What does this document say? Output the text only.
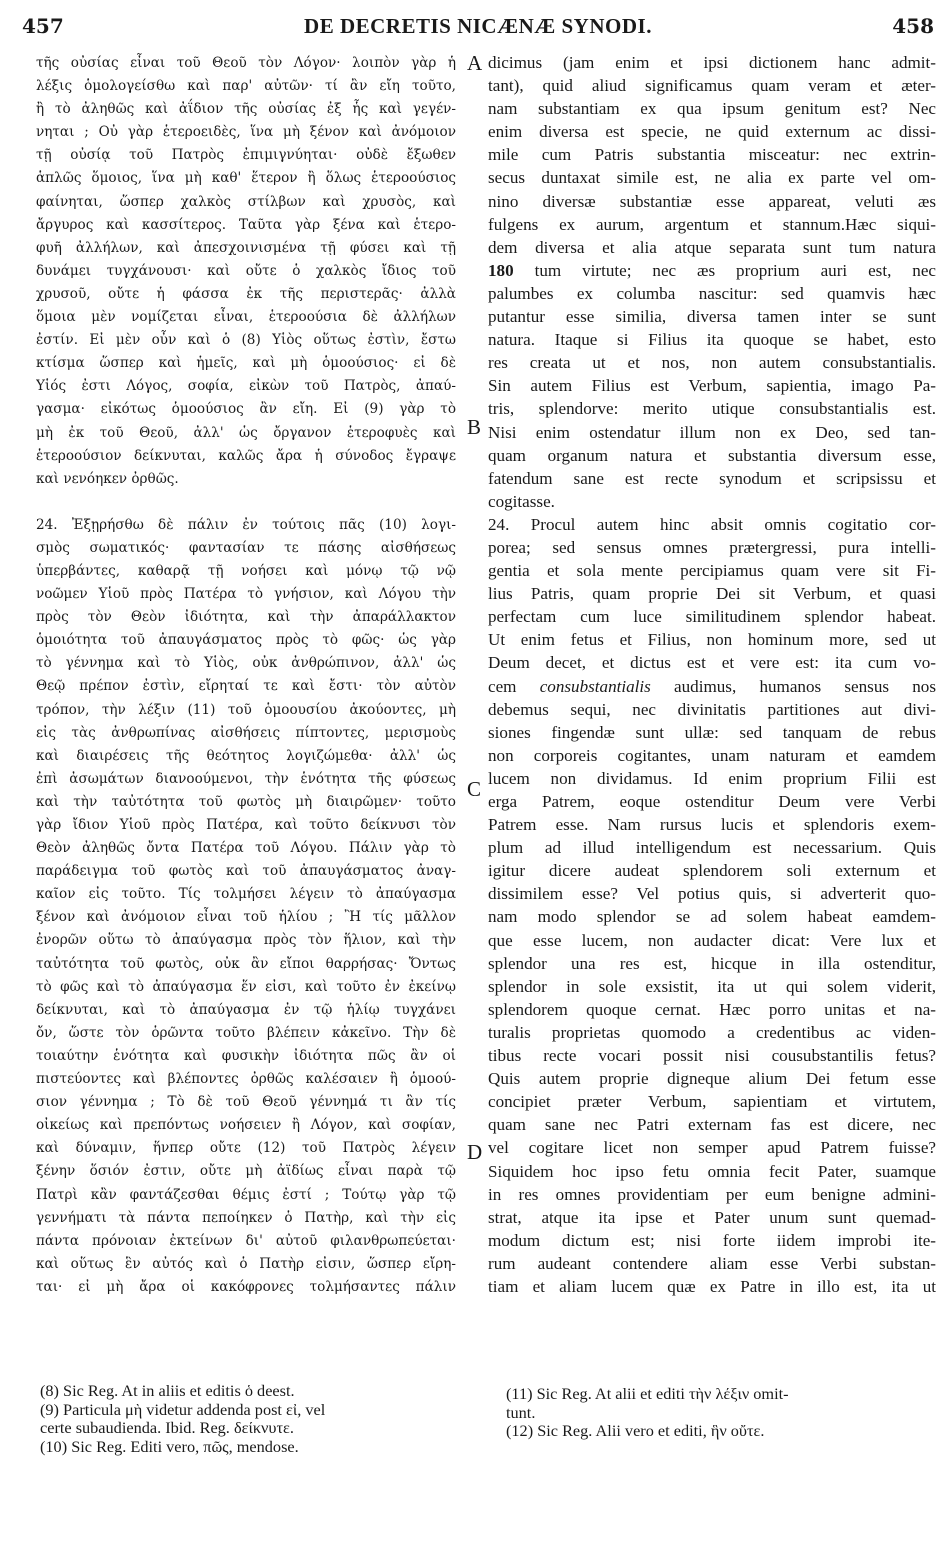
457	DE DECRETIS NICÆNÆ SYNODI.	458
A
B
C
D
τῆς οὐσίας εἶναι τοῦ Θεοῦ τὸν Λόγον· λοιπὸν γὰρ ἡ
λέξις ὁμολογείσθω καὶ παρ' αὐτῶν· τί ἂν εἴη τοῦτο,
ἢ τὸ ἀληθῶς καὶ ἀΐδιον τῆς οὐσίας ἐξ ἧς καὶ γεγέν-
νηται ; Οὐ γὰρ ἑτεροειδὲς, ἵνα μὴ ξένον καὶ ἀνόμοιον
τῇ οὐσίᾳ τοῦ Πατρὸς ἐπιμιγνύηται· οὐδὲ ἔξωθεν
ἁπλῶς ὅμοιος, ἵνα μὴ καθ' ἕτερον ἢ ὅλως ἑτεροούσιος
φαίνηται, ὥσπερ χαλκὸς στίλβων καὶ χρυσὸς, καὶ
ἄργυρος καὶ κασσίτερος. Ταῦτα γὰρ ξένα καὶ ἑτερο-
φυῆ ἀλλήλων, καὶ ἀπεσχοινισμένα τῇ φύσει καὶ τῇ
δυνάμει τυγχάνουσι· καὶ οὔτε ὁ χαλκὸς ἴδιος τοῦ
χρυσοῦ, οὔτε ἡ φάσσα ἐκ τῆς περιστερᾶς· ἀλλὰ
ὅμοια μὲν νομίζεται εἶναι, ἑτεροούσια δὲ ἀλλήλων
ἐστίν. Εἰ μὲν οὖν καὶ ὁ (8) Υἱὸς οὕτως ἐστὶν, ἔστω
κτίσμα ὥσπερ καὶ ἡμεῖς, καὶ μὴ ὁμοούσιος· εἰ δὲ
Υἱός ἐστι Λόγος, σοφία, εἰκὼν τοῦ Πατρὸς, ἀπαύ-
γασμα· εἰκότως ὁμοούσιος ἂν εἴη. Εἰ (9) γὰρ τὸ
μὴ ἐκ τοῦ Θεοῦ, ἀλλ' ὡς ὄργανον ἑτεροφυὲς καὶ
ἑτεροούσιον δείκνυται, καλῶς ἄρα ἡ σύνοδος ἔγραψε
καὶ νενόηκεν ὀρθῶς.
24. Ἐξῃρήσθω δὲ πάλιν ἐν τούτοις πᾶς (10) λογι-
σμὸς σωματικός· φαντασίαν τε πάσης αἰσθήσεως
ὑπερβάντες, καθαρᾷ τῇ νοήσει καὶ μόνῳ τῷ νῷ
νοῶμεν Υἱοῦ πρὸς Πατέρα τὸ γνήσιον, καὶ Λόγου τὴν
πρὸς τὸν Θεὸν ἰδιότητα, καὶ τὴν ἀπαράλλακτον
ὁμοιότητα τοῦ ἀπαυγάσματος πρὸς τὸ φῶς· ὡς γὰρ
τὸ γέννημα καὶ τὸ Υἱὸς, οὐκ ἀνθρώπινον, ἀλλ' ὡς
Θεῷ πρέπον ἐστὶν, εἴρηταί τε καὶ ἔστι· τὸν αὐτὸν
τρόπον, τὴν λέξιν (11) τοῦ ὁμοουσίου ἀκούοντες, μὴ
εἰς τὰς ἀνθρωπίνας αἰσθήσεις πίπτοντες, μερισμοὺς
καὶ διαιρέσεις τῆς θεότητος λογιζώμεθα· ἀλλ' ὡς
ἐπὶ ἀσωμάτων διανοούμενοι, τὴν ἑνότητα τῆς φύσεως
καὶ τὴν ταὐτότητα τοῦ φωτὸς μὴ διαιρῶμεν· τοῦτο
γὰρ ἴδιον Υἱοῦ πρὸς Πατέρα, καὶ τοῦτο δείκνυσι τὸν
Θεὸν ἀληθῶς ὄντα Πατέρα τοῦ Λόγου. Πάλιν γὰρ τὸ
παράδειγμα τοῦ φωτὸς καὶ τοῦ ἀπαυγάσματος ἀναγ-
καῖον εἰς τοῦτο. Τίς τολμήσει λέγειν τὸ ἀπαύγασμα
ξένον καὶ ἀνόμοιον εἶναι τοῦ ἡλίου ; Ἢ τίς μᾶλλον
ἐνορῶν οὕτω τὸ ἀπαύγασμα πρὸς τὸν ἥλιον, καὶ τὴν
ταὐτότητα τοῦ φωτὸς, οὐκ ἂν εἴποι θαρρήσας· Ὄντως
τὸ φῶς καὶ τὸ ἀπαύγασμα ἕν εἰσι, καὶ τοῦτο ἐν ἐκείνῳ
δείκνυται, καὶ τὸ ἀπαύγασμα ἐν τῷ ἡλίῳ τυγχάνει
ὄν, ὥστε τὸν ὁρῶντα τοῦτο βλέπειν κἀκεῖνο. Τὴν δὲ
τοιαύτην ἑνότητα καὶ φυσικὴν ἰδιότητα πῶς ἂν οἱ
πιστεύοντες καὶ βλέποντες ὀρθῶς καλέσαιεν ἢ ὁμοού-
σιον γέννημα ; Τὸ δὲ τοῦ Θεοῦ γέννημά τι ἂν τίς
οἰκείως καὶ πρεπόντως νοήσειεν ἢ Λόγον, καὶ σοφίαν,
καὶ δύναμιν, ἥνπερ οὔτε (12) τοῦ Πατρὸς λέγειν
ξένην ὅσιόν ἐστιν, οὔτε μὴ ἀϊδίως εἶναι παρὰ τῷ
Πατρὶ κἂν φαντάζεσθαι θέμις ἐστί ; Τούτῳ γὰρ τῷ
γεννήματι τὰ πάντα πεποίηκεν ὁ Πατὴρ, καὶ τὴν εἰς
πάντα πρόνοιαν ἐκτείνων δι' αὐτοῦ φιλανθρωπεύεται·
καὶ οὕτως ἓν αὐτός καὶ ὁ Πατὴρ εἰσιν, ὥσπερ εἴρη-
ται· εἰ μὴ ἄρα οἱ κακόφρονες τολμήσαντες πάλιν
dicimus (jam enim et ipsi dictionem hanc admit-
tant), quid aliud significamus quam veram et æter-
nam substantiam ex qua ipsum genitum est? Nec
enim diversa est specie, ne quid externum ac dissi-
mile cum Patris substantia misceatur: nec extrin-
secus duntaxat simile est, ne alia ex parte vel om-
nino diversæ substantiæ esse appareat, veluti æs
fulgens ex aurum, argentum et stannum.Hæc siqui-
dem diversa et alia atque separata sunt tum natura
180 tum virtute; nec æs proprium auri est, nec
palumbes ex columba nascitur: sed quamvis hæc
putantur esse similia, diversa tamen inter se sunt
natura. Itaque si Filius ita quoque se habet, esto
res creata ut et nos, non autem consubstantialis.
Sin autem Filius est Verbum, sapientia, imago Pa-
tris, splendorve: merito utique consubstantialis est.
Nisi enim ostendatur illum non ex Deo, sed tan-
quam organum natura et substantia diversum esse,
fatendum sane est recte synodum et scripsissu et
cogitasse.
24. Procul autem hinc absit omnis cogitatio cor-
porea; sed sensus omnes prætergressi, pura intelli-
gentia et sola mente percipiamus quam vere sit Fi-
lius Patris, quam proprie Dei sit Verbum, et quasi
perfectam cum luce similitudinem splendor habeat.
Ut enim fetus et Filius, non hominum more, sed ut
Deum decet, et dictus est et vere est: ita cum vo-
cem consubstantialis audimus, humanos sensus nos
debemus sequi, nec divinitatis partitiones aut divi-
siones fingendæ sunt ullæ: sed tanquam de rebus
non corporeis cogitantes, unam naturam et eamdem
lucem non dividamus. Id enim proprium Filii est
erga Patrem, eoque ostenditur Deum vere Verbi
Patrem esse. Nam rursus lucis et splendoris exem-
plum ad illud intelligendum est necessarium. Quis
igitur dicere audeat splendorem soli externum et
dissimilem esse? Vel potius quis, si adverterit quo-
nam modo splendor se ad solem habeat eamdem-
que esse lucem, non audacter dicat: Vere lux et
splendor una res est, hicque in illa ostenditur,
splendor in sole exsistit, ita ut qui solem viderit,
splendorem quoque cernat. Hæc porro unitas et na-
turalis proprietas quomodo a credentibus ac viden-
tibus recte vocari possit nisi cousubstantilis fetus?
Quis autem proprie digneque alium Dei fetum esse
concipiet præter Verbum, sapientiam et virtutem,
quam sane nec Patri externam fas est dicere, nec
vel cogitare licet non semper apud Patrem fuisse?
Siquidem hoc ipso fetu omnia fecit Pater, suamque
in res omnes providentiam per eum benigne admini-
strat, atque ita ipse et Pater unum sunt quemad-
modum dictum est; nisi forte iidem improbi ite-
rum audeant contendere aliam esse Verbi substan-
tiam et aliam lucem quæ ex Patre in illo est, ita ut
(8) Sic Reg. At in aliis et editis ὁ deest.
(9) Particula μὴ videtur addenda post εἰ, vel
certe subaudienda. Ibid. Reg. δείκνυτε.
(10) Sic Reg. Editi vero, πῶς, mendose.
(11) Sic Reg. At alii et editi τὴν λέξιν omit-
tunt.
(12) Sic Reg. Alii vero et editi, ἣν οὔτε.
